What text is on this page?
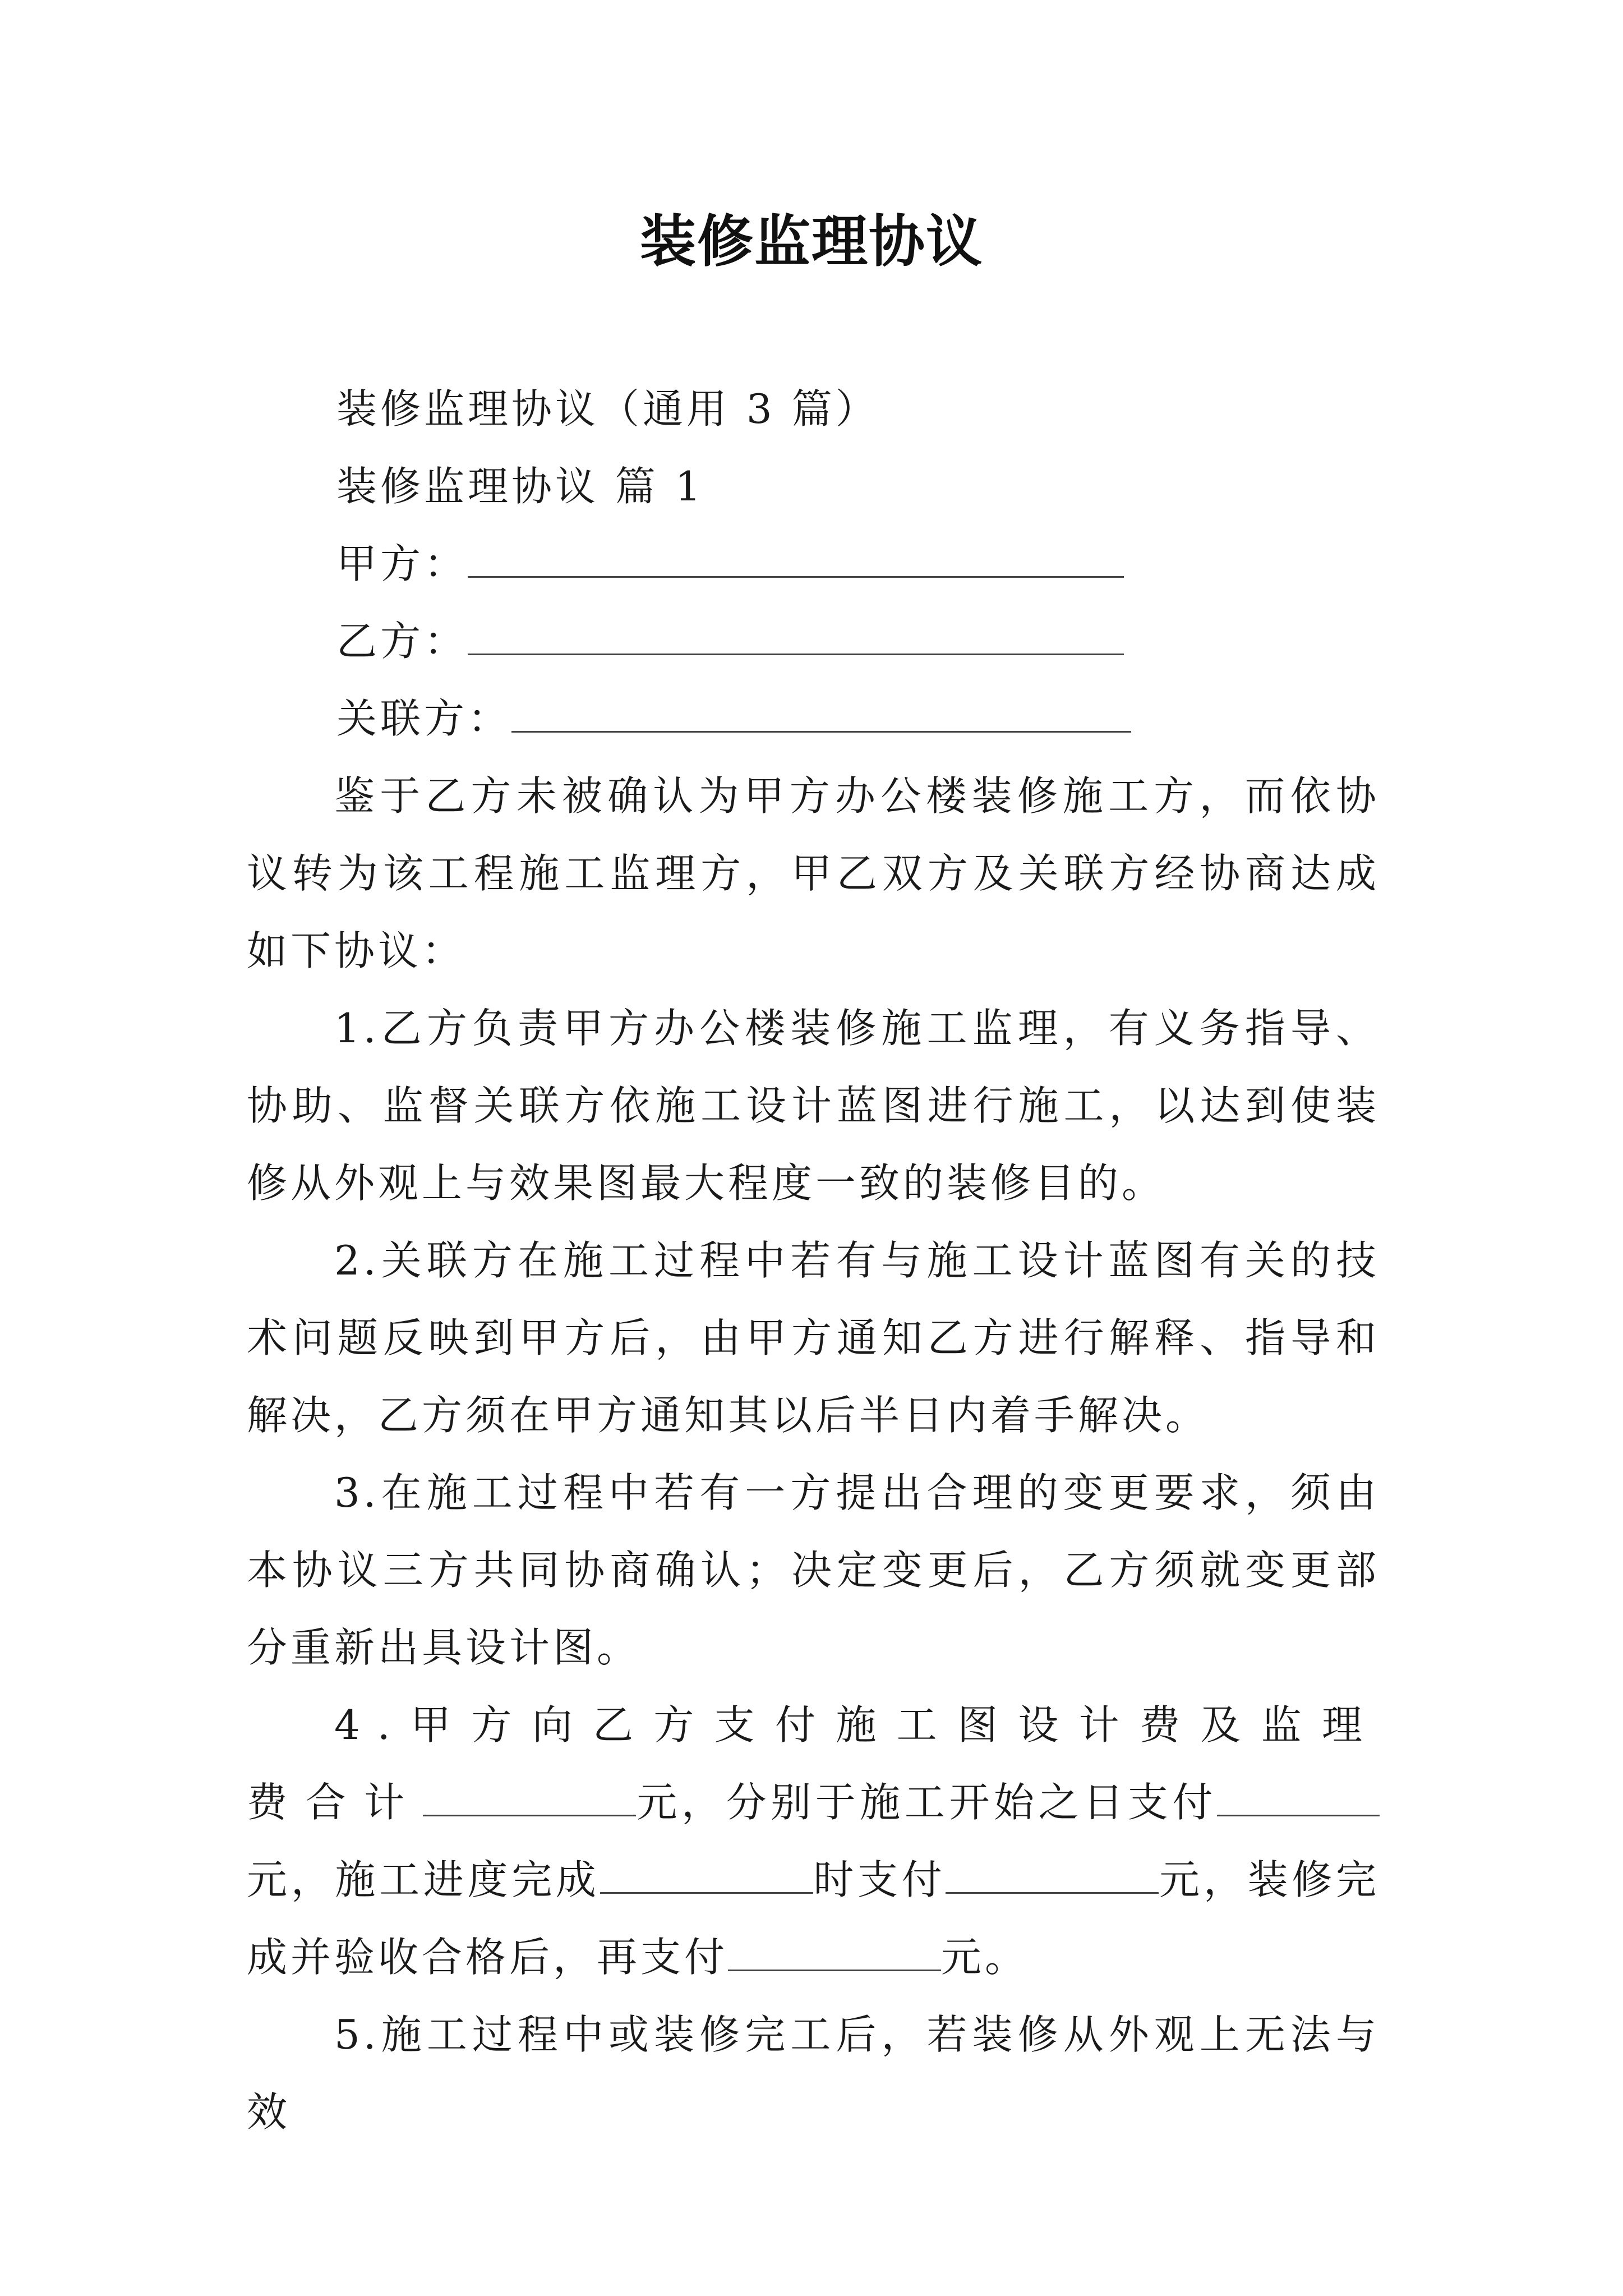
装修监理协议
装修监理协议（通用 3 篇）
装修监理协议 篇 1
甲方：
乙方：
关联方：
鉴于乙方未被确认为甲方办公楼装修施工方，而依协议转为该工程施工监理方，甲乙双方及关联方经协商达成如下协议：
1.乙方负责甲方办公楼装修施工监理，有义务指导、协助、监督关联方依施工设计蓝图进行施工，以达到使装修从外观上与效果图最大程度一致的装修目的。
2.关联方在施工过程中若有与施工设计蓝图有关的技术问题反映到甲方后，由甲方通知乙方进行解释、指导和解决，乙方须在甲方通知其以后半日内着手解决。
3.在施工过程中若有一方提出合理的变更要求，须由本协议三方共同协商确认；决定变更后，乙方须就变更部分重新出具设计图。
4.甲方向乙方支付施工图设计费及监理费合计	元，分别于施工开始之日支付元，施工进度完成	时支付	元，装修完成并验收合格后，再支付	元。
5.施工过程中或装修完工后，若装修从外观上无法与效
